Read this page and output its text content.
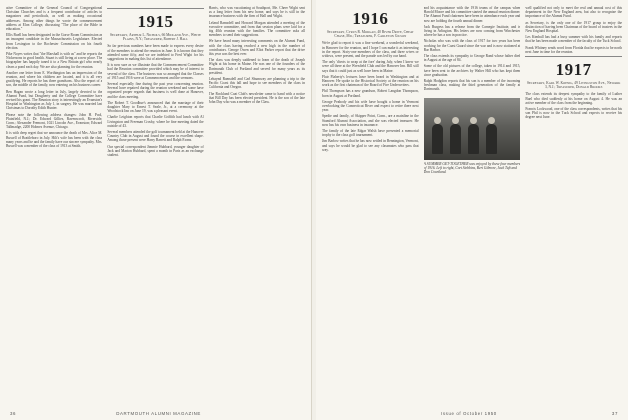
ative Committee of the General Council of Congregational Christian Churches and is a frequent contributor of articles to magazines and periodicals, as well as making occasional addresses. Among other things he wrote the commencement address at Elon College, discussing "The place of the Bible in education."

Ellis Buell has been designated in the Gorse Room Commission as an insurgent candidate in the Massachusetts Legislature. Elected from Lexington to the Rochester Commission on his fourth election.

Pike Noyes writes that "the Marshall is with us" and he reports the Nickersons in good health. Stuart is still living at a new place. The biographer has happily tuned it to a New Britain girl who nearly clears a pond each day. We are also planning for the reunion.

Another one letter from E. Worthington has an impression of the reunion, and where his children are located, and it is all very gratifying. He reports he has three grandsons. Also the report of a son, the middle of the family, now entering on his business career.

Ben Hagan wrote a long letter in July, largely devoted to the Alumni Fund, but Dougherty and the College Committee have revised his grant. The Reunion story is interestingly an Evanston's Hospital in Washington as July 1, in surgery. He was married last Christmas to Dorothy Edith Hunter.

Please note the following address changes: John H. Pool, Plainfield, N.J.; Dr. Edward Gillies, Ravenscroft, Riverside, Conn.; Alexander Fremont, 1021 Lincoln Ave., Evanston; Edward Tallmadge, 2200 Holmes Avenue, Chicago.

It is with deep regret that we announce the death of Mrs. Alice M. Bussell of Brattleboro in July. Hilt's wife has been with the class many years and he and the family have our sincere sympathy. Mrs. Bussell was a member of the class of 1913 at Smith.

1915
Secretary, Arthur L. Nichols, 66 Midland Ave., White Plains, N.Y.; Treasurer, Robert J. Hall

So far previous numbers have been made to express every desire of the members to attend the reunion in June. It is known that they attended some fifty, and we are indebted to Fred Wight for his suggestions in making this list of attendance.

It is now sure as we illustrate that the Commencement Committee had the Reunion committee provided which may be of interest to several of the class. The business was so arranged that the Classes of 1915 and 1916 were at Commencement and the sermons.

Several especially fine during the past year concerning reunion. Several have repaired during the reunion weekend and some have organized proper regards that business is well done at Hanover, and the class meeting.

The Robert T. Goodhue's announced that the marriage of their daughter Mary to Ernest T. Seale, Jr., at a ceremony at the Woodstock Inn on June 19, was a pleasant event.

Charlie Leighton reports that Charlie Griffith had lunch with Al Livingston and Freeman Crosby, where he fine meeting dated the outside of 43.

Several members attended the golf tournament held at the Hanover Country Club in August and found the course in excellent shape. Among those present were Harry Barrett and Ralph Evans.

Our special correspondent Jimmie Hubbard, younger daughter of Jack and Marion Hubbard, spent a month in Paris as an exchange student.

Harris, who was vacationing at Southport, Me. Cheer Wight sent us a long letter from his new home, and says he is still in the insurance business with the firm of Hall and Wight.

Leland Ramsdell and Howard Morgan attended a meeting of the executive committee, and from that session plans were laid for a big 40th reunion with the families. The committee asks all members to send their suggestions.

We have heard many interesting comments on the Alumni Fund, with the class having reached a new high in the number of contributors. George Owen and Eliot Parker report that the drive this year was the best ever.

The class was deeply saddened to learn of the death of Joseph Wight at his home in Maine. He was one of the founders of the Dartmouth Club of Portland and served for many years as its president.

Lehaynd Ramsdell and Carl Shumway are planning a trip to the Pacific Coast this fall and hope to see members of the class in California and Oregon.

The Rockland Coat Club's newsletter came to hand with a notice that Bill Day has been elected president. He is the son of the late John Day who was a member of the Class.

36	DARTMOUTH ALUMNI MAGAZINE
1916
Secretary, Cyrus R. Morgan, 40 River Drive, Cheat Chase, Md.; Treasurer, F. Carleton Gilson

We're glad to report it was a fine weekend, a wonderful weekend, in Hanover for the reunion, and I hope I can make it as interesting in the report. Sixty-one members of the class, and three wives or widows, were present, and the parade was led by our band.

The only 'divots to wrap at the fore' during July, when I knew we were all there at the Wrenfield Club and the Hanover Inn. Bill still says that it could just as well have been in Maine.

Flair Flaherty's lectures have been heard in Washington and at Hanover. He spoke to the Historical Society at the reunion on his work as the first chairman of the Board of Fire Underwriters.

Phil Thompson has a new grandson, Robert Langdon Thompson, born in August at Portland.

George Peabody and his wife have bought a home in Vermont overlooking the Connecticut River and expect to retire there next year.

Spedie and family, of Skipper Point, Conn., are a mainline in the Stamford Alumni Association, and she was elected treasurer. He now has his own business in insurance.

The family of the late Edgar Walsh have presented a memorial trophy to the class golf tournament.

Jim Barlow writes that he has now settled in Bennington, Vermont, and says he would be glad to see any classmates who pass that way.

and his acquaintance with the 1916 teams of the campus when Harold Moore and his committee started the annual reunion dinner. The Alumni Fund chairmen have been in attendance each year and now are holding the fourth annual dinner.

Jack Burgess has a release from the Carnegie Institute, and is living in Arlington. His letters are now coming from Winchester where he has a son in practice.

Nicholas who was with the class of 1917 for two years has been working for the Coast Guard since the war and is now stationed at Bar Harbor.

The class extends its sympathy to George Rand whose father died in August at the age of 84.

Some of the old pictures of the college, taken in 1914 and 1915, have been sent to the archives by Walter Hill who has kept them since graduation.

Ralph Hodgdon reports that his son is a member of the incoming freshman class, making the third generation of the family at Dartmouth.

A SUMMER GET-TOGETHER was enjoyed by these four members of 1916. Left to right, Cort Stebbins, Bert Gilmore, Jack Tuft and Don Courtland.

well qualified not only to meet the real and annual cost of this department in the New England area, but also to recognize the importance of the Alumni Fund.

as Secretary, is the only one of the 1917 group to enjoy the distinction of having been Chairman of the board of trustees in the New England Hospital.

Les Kimball has had a busy summer with his family and reports that he has been made a member of the faculty of the Tuck School.

Frank Whitney sends word from Florida that he expects to be north next June in time for the reunion.

1917
Secretary, Karl W. Koenig, 49 Livingston Ave., Newark 3, N.J.; Treasurer, Donald Brooks

The class extends its deepest sympathy to the family of Luther Buel who died suddenly at his home on August 4. He was an active member of the class from the beginning.

Francis Lockwood, one of the class correspondents, writes that his son Phil is now in the Tuck School and expects to receive his degree next June.

Issue of October 1950	37
